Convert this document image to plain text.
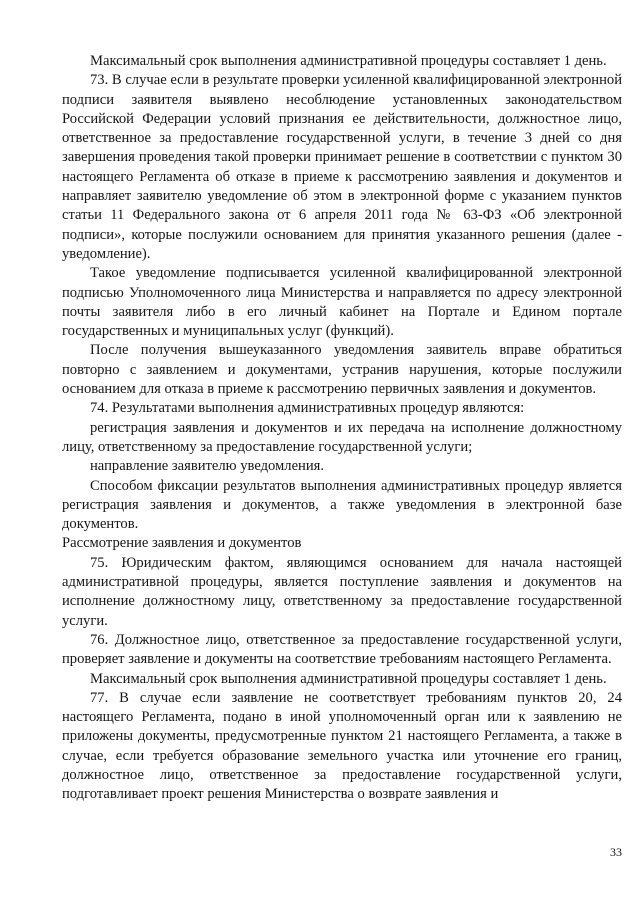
Максимальный срок выполнения административной процедуры составляет 1 день.

73. В случае если в результате проверки усиленной квалифицированной электронной подписи заявителя выявлено несоблюдение установленных законодательством Российской Федерации условий признания ее действительности, должностное лицо, ответственное за предоставление государственной услуги, в течение 3 дней со дня завершения проведения такой проверки принимает решение в соответствии с пунктом 30 настоящего Регламента об отказе в приеме к рассмотрению заявления и документов и направляет заявителю уведомление об этом в электронной форме с указанием пунктов статьи 11 Федерального закона от 6 апреля 2011 года № 63-ФЗ «Об электронной подписи», которые послужили основанием для принятия указанного решения (далее - уведомление).

Такое уведомление подписывается усиленной квалифицированной электронной подписью Уполномоченного лица Министерства и направляется по адресу электронной почты заявителя либо в его личный кабинет на Портале и Едином портале государственных и муниципальных услуг (функций).

После получения вышеуказанного уведомления заявитель вправе обратиться повторно с заявлением и документами, устранив нарушения, которые послужили основанием для отказа в приеме к рассмотрению первичных заявления и документов.

74. Результатами выполнения административных процедур являются:

регистрация заявления и документов и их передача на исполнение должностному лицу, ответственному за предоставление государственной услуги;

направление заявителю уведомления.

Способом фиксации результатов выполнения административных процедур является регистрация заявления и документов, а также уведомления в электронной базе документов.

Рассмотрение заявления и документов

75. Юридическим фактом, являющимся основанием для начала настоящей административной процедуры, является поступление заявления и документов на исполнение должностному лицу, ответственному за предоставление государственной услуги.

76. Должностное лицо, ответственное за предоставление государственной услуги, проверяет заявление и документы на соответствие требованиям настоящего Регламента.

Максимальный срок выполнения административной процедуры составляет 1 день.

77. В случае если заявление не соответствует требованиям пунктов 20, 24 настоящего Регламента, подано в иной уполномоченный орган или к заявлению не приложены документы, предусмотренные пунктом 21 настоящего Регламента, а также в случае, если требуется образование земельного участка или уточнение его границ, должностное лицо, ответственное за предоставление государственной услуги, подготавливает проект решения Министерства о возврате заявления и

33
